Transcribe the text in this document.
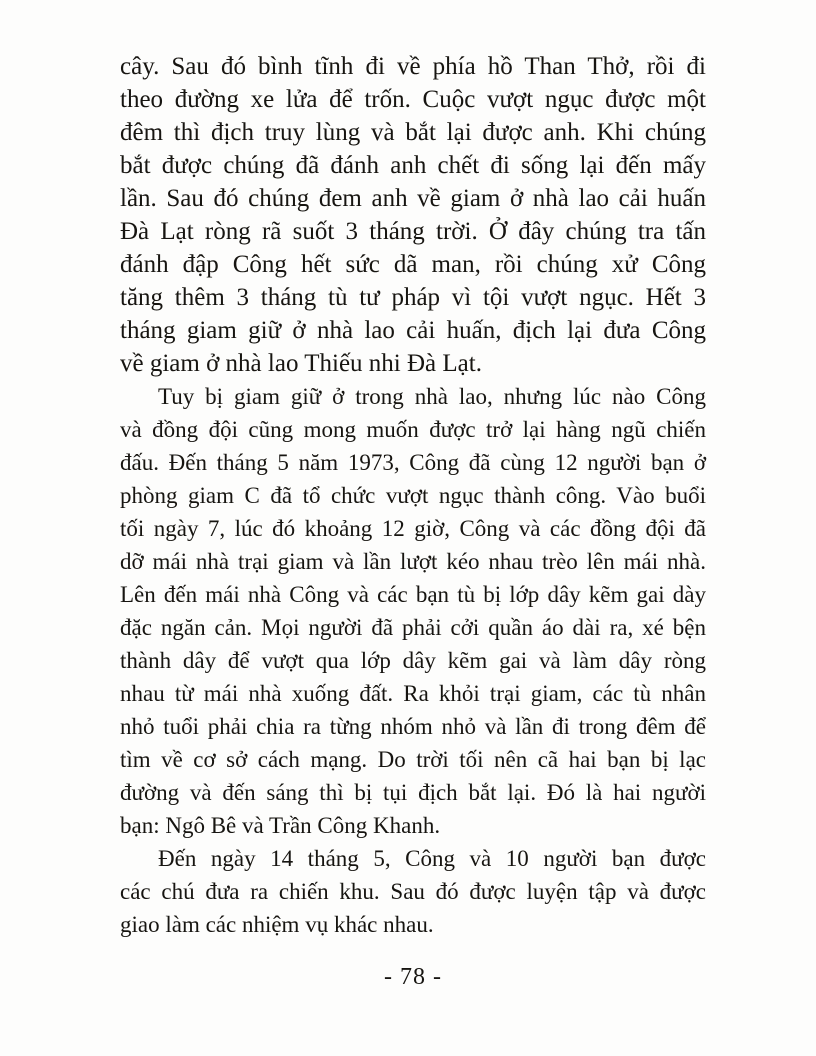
cây. Sau đó bình tĩnh đi về phía hồ Than Thở, rồi đi
theo đường xe lửa để trốn. Cuộc vượt ngục được một
đêm thì địch truy lùng và bắt lại được anh. Khi chúng
bắt được chúng đã đánh anh chết đi sống lại đến mấy
lần. Sau đó chúng đem anh về giam ở nhà lao cải huấn
Đà Lạt ròng rã suốt 3 tháng trời. Ở đây chúng tra tấn
đánh đập Công hết sức dã man, rồi chúng xử Công
tăng thêm 3 tháng tù tư pháp vì tội vượt ngục. Hết 3
tháng giam giữ ở nhà lao cải huấn, địch lại đưa Công
về giam ở nhà lao Thiếu nhi Đà Lạt.
Tuy bị giam giữ ở trong nhà lao, nhưng lúc nào Công
và đồng đội cũng mong muốn được trở lại hàng ngũ chiến
đấu. Đến tháng 5 năm 1973, Công đã cùng 12 người bạn ở
phòng giam C đã tổ chức vượt ngục thành công. Vào buổi
tối ngày 7, lúc đó khoảng 12 giờ, Công và các đồng đội đã
dỡ mái nhà trại giam và lần lượt kéo nhau trèo lên mái nhà.
Lên đến mái nhà Công và các bạn tù bị lớp dây kẽm gai dày
đặc ngăn cản. Mọi người đã phải cởi quần áo dài ra, xé bện
thành dây để vượt qua lớp dây kẽm gai và làm dây ròng
nhau từ mái nhà xuống đất. Ra khỏi trại giam, các tù nhân
nhỏ tuổi phải chia ra từng nhóm nhỏ và lần đi trong đêm để
tìm về cơ sở cách mạng. Do trời tối nên cã hai bạn bị lạc
đường và đến sáng thì bị tụi địch bắt lại. Đó là hai người
bạn: Ngô Bê và Trần Công Khanh.
Đến ngày 14 tháng 5, Công và 10 người bạn được
các chú đưa ra chiến khu. Sau đó được luyện tập và được
giao làm các nhiệm vụ khác nhau.
- 78 -
